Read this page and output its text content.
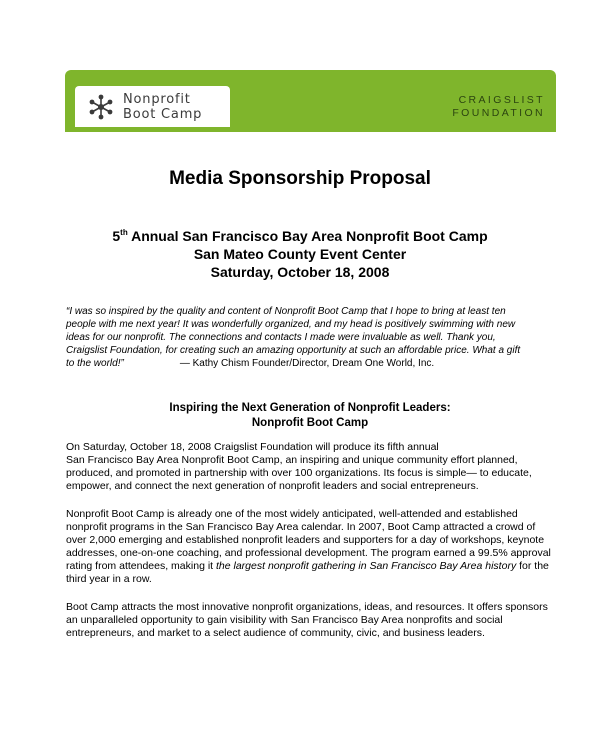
Nonprofit
Boot Camp
CRAIGSLIST
FOUNDATION
Media Sponsorship Proposal
5th Annual San Francisco Bay Area Nonprofit Boot Camp
San Mateo County Event Center
Saturday, October 18, 2008
“I was so inspired by the quality and content of Nonprofit Boot Camp that I hope to bring at least ten
people with me next year! It was wonderfully organized, and my head is positively swimming with new
ideas for our nonprofit. The connections and contacts I made were invaluable as well. Thank you,
Craigslist Foundation, for creating such an amazing opportunity at such an affordable price. What a gift
to the world!”	— Kathy Chism Founder/Director, Dream One World, Inc.
Inspiring the Next Generation of Nonprofit Leaders:
Nonprofit Boot Camp
On Saturday, October 18, 2008 Craigslist Foundation will produce its fifth annual
San Francisco Bay Area Nonprofit Boot Camp, an inspiring and unique community effort planned,
produced, and promoted in partnership with over 100 organizations. Its focus is simple— to educate,
empower, and connect the next generation of nonprofit leaders and social entrepreneurs.
Nonprofit Boot Camp is already one of the most widely anticipated, well-attended and established
nonprofit programs in the San Francisco Bay Area calendar. In 2007, Boot Camp attracted a crowd of
over 2,000 emerging and established nonprofit leaders and supporters for a day of workshops, keynote
addresses, one-on-one coaching, and professional development. The program earned a 99.5% approval
rating from attendees, making it the largest nonprofit gathering in San Francisco Bay Area history for the
third year in a row.
Boot Camp attracts the most innovative nonprofit organizations, ideas, and resources. It offers sponsors
an unparalleled opportunity to gain visibility with San Francisco Bay Area nonprofits and social
entrepreneurs, and market to a select audience of community, civic, and business leaders.
